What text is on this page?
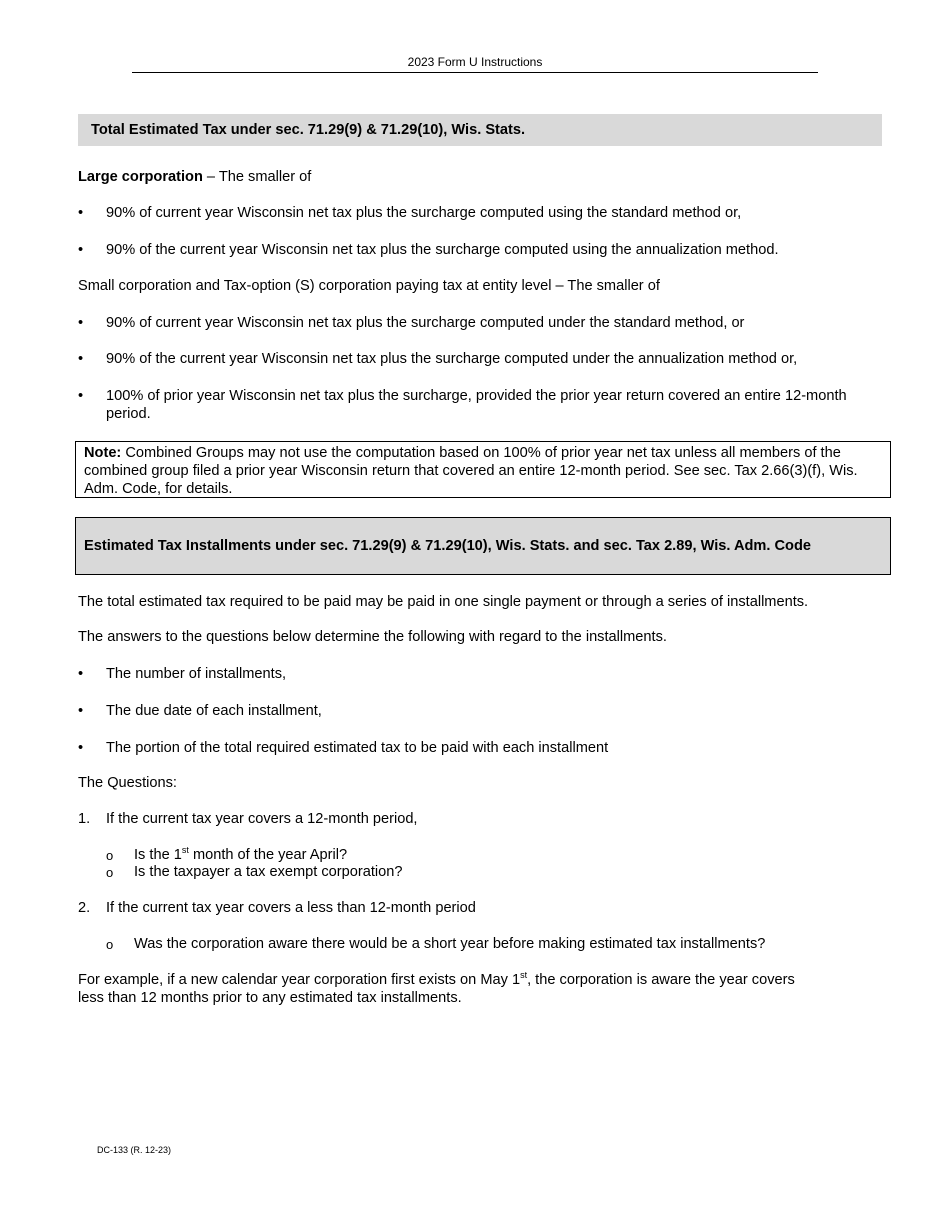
2023 Form U Instructions
Total Estimated Tax under sec. 71.29(9) & 71.29(10), Wis. Stats.
Large corporation – The smaller of
•	90% of current year Wisconsin net tax plus the surcharge computed using the standard method or,
•	90% of the current year Wisconsin net tax plus the surcharge computed using the annualization method.
Small corporation and Tax-option (S) corporation paying tax at entity level – The smaller of
•	90% of current year Wisconsin net tax plus the surcharge computed under the standard method, or
•	90% of the current year Wisconsin net tax plus the surcharge computed under the annualization method or,
•	100% of prior year Wisconsin net tax plus the surcharge, provided the prior year return covered an entire 12-month period.
Note: Combined Groups may not use the computation based on 100% of prior year net tax unless all members of the combined group filed a prior year Wisconsin return that covered an entire 12-month period. See sec. Tax 2.66(3)(f), Wis. Adm. Code, for details.
Estimated Tax Installments under sec. 71.29(9) & 71.29(10), Wis. Stats. and sec. Tax 2.89, Wis. Adm. Code
The total estimated tax required to be paid may be paid in one single payment or through a series of installments.
The answers to the questions below determine the following with regard to the installments.
•	The number of installments,
•	The due date of each installment,
•	The portion of the total required estimated tax to be paid with each installment
The Questions:
1.	If the current tax year covers a 12-month period,
o	Is the 1st month of the year April?
o	Is the taxpayer a tax exempt corporation?
2.	If the current tax year covers a less than 12-month period
o	Was the corporation aware there would be a short year before making estimated tax installments?
For example, if a new calendar year corporation first exists on May 1st, the corporation is aware the year covers less than 12 months prior to any estimated tax installments.
DC-133 (R. 12-23)
